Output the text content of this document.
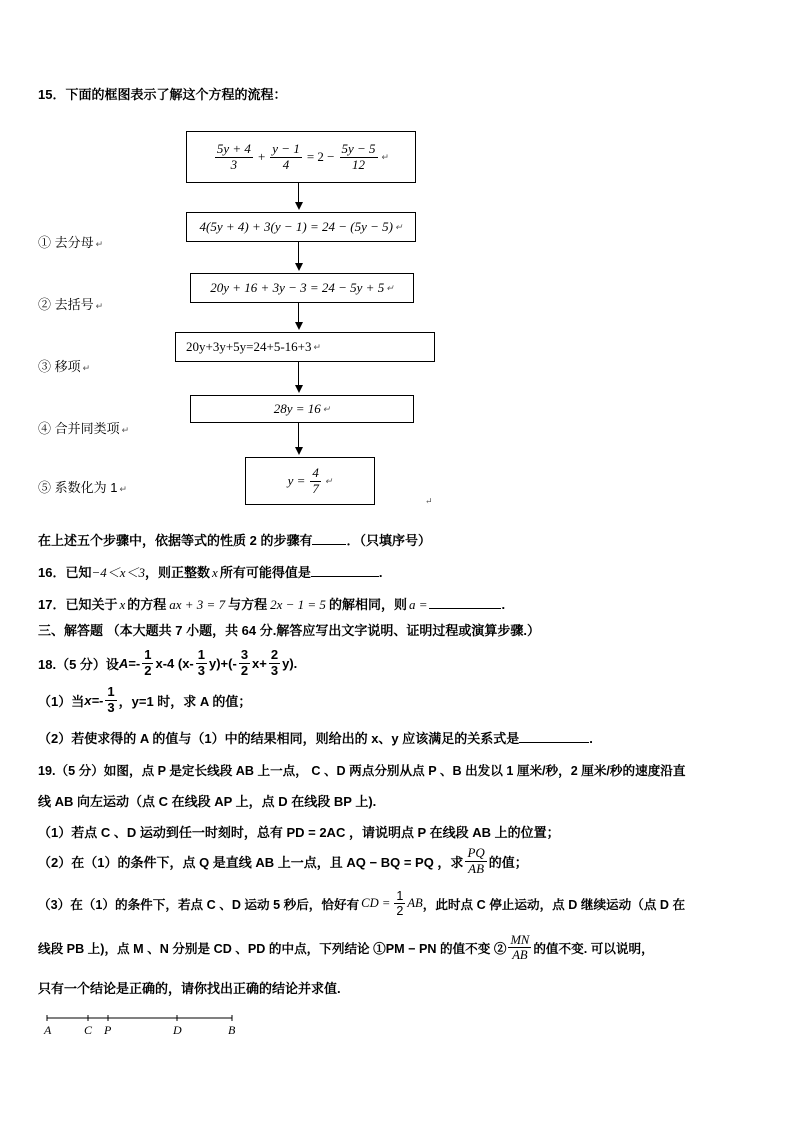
15．下面的框图表示了解这个方程的流程：
$\frac{5y + 4}{3} + \frac{y - 1}{4} = 2 - \frac{5y - 5}{12}$ ↵
4(5y + 4) + 3(y − 1) = 24 − (5y − 5) ↵
20y + 16 + 3y − 3 = 24 − 5y + 5 ↵
20y+3y+5y=24+5-16+3 ↵
28y = 16 ↵
$y = \frac{4}{7}$ ↵
↵
① 去分母 ↵
② 去括号 ↵
③ 移项 ↵
④ 合并同类项 ↵
⑤ 系数化为 1 ↵
在上述五个步骤中，依据等式的性质 2 的步骤有	．（只填序号）
16．已知−4＜x＜3，则正整数 x 所有可能得值是	.
17．已知关于 x 的方程 ax + 3 = 7 与方程 2x − 1 = 5 的解相同，则 a =	.
三、解答题 （本大题共 7 小题，共 64 分.解答应写出文字说明、证明过程或演算步骤.）
18.（5 分）设 $A =- \frac{1}{2} x-4$ $(x- \frac{1}{3} y)+(- \frac{3}{2} x+ \frac{2}{3} y)$.
（1）当 $x=- \frac{1}{3}$ ，y=1 时，求 A 的值；
（2）若使求得的 A 的值与（1）中的结果相同，则给出的 x、y 应该满足的关系式是	.
19.（5 分）如图，点 P 是定长线段 AB 上一点， C 、D 两点分别从点 P 、B 出发以 1 厘米/秒，2 厘米/秒的速度沿直
线 AB 向左运动（点 C 在线段 AP 上，点 D 在线段 BP 上).
（1）若点 C 、D 运动到任一时刻时，总有 PD = 2AC ，请说明点 P 在线段 AB 上的位置；
（2）在（1）的条件下，点 Q 是直线 AB 上一点，且 AQ − BQ = PQ ，求 $\frac{PQ}{AB}$ 的值；
（3）在（1）的条件下，若点 C 、D 运动 5 秒后，恰好有 CD = $\frac{1}{2}$ AB ，此时点 C 停止运动，点 D 继续运动（点 D 在
线段 PB 上)，点 M 、N 分别是 CD 、PD 的中点，下列结论 ①PM − PN 的值不变 ② $\frac{MN}{AB}$ 的值不变. 可以说明，
只有一个结论是正确的，请你找出正确的结论并求值.
A	C P	D	B
